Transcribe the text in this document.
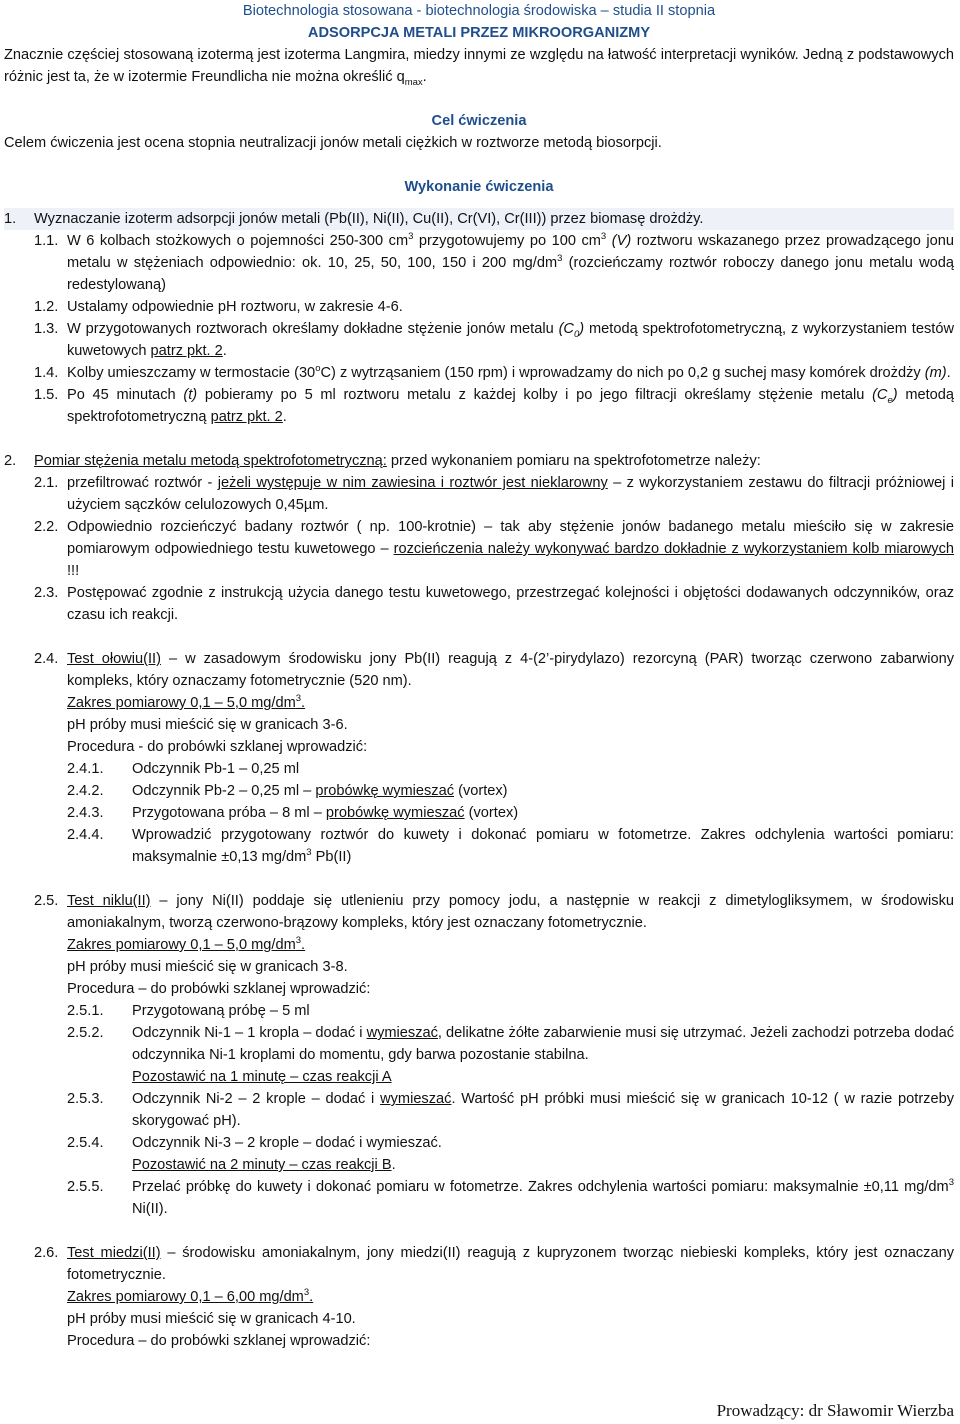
Biotechnologia stosowana - biotechnologia środowiska – studia II stopnia

ADSORPCJA METALI PRZEZ MIKROORGANIZMY

Znacznie częściej stosowaną izotermą jest izoterma Langmira, miedzy innymi ze względu na łatwość interpretacji wyników. Jedną z podstawowych różnic jest ta, że w izotermie Freundlicha nie można określić $q_{max}$.

Cel ćwiczenia

Celem ćwiczenia jest ocena stopnia neutralizacji jonów metali ciężkich w roztworze metodą biosorpcji.

Wykonanie ćwiczenia

1.	Wyznaczanie izoterm adsorpcji jonów metali (Pb(II), Ni(II), Cu(II), Cr(VI), Cr(III)) przez biomasę drożdży.
1.1. W 6 kolbach stożkowych o pojemności 250-300 $cm^3$ przygotowujemy po 100 $cm^3$ (V) roztworu wskazanego przez prowadzącego jonu metalu w stężeniach odpowiednio: ok. 10, 25, 50, 100, 150 i 200 $mg/dm^3$ (rozcieńczamy roztwór roboczy danego jonu metalu wodą redestylowaną)
1.2. Ustalamy odpowiednie pH roztworu, w zakresie 4-6.
1.3. W przygotowanych roztworach określamy dokładne stężenie jonów metalu $(C_0)$ metodą spektrofotometryczną, z wykorzystaniem testów kuwetowych patrz pkt. 2.
1.4. Kolby umieszczamy w termostacie (30$^o$C) z wytrząsaniem (150 rpm) i wprowadzamy do nich po 0,2 g suchej masy komórek drożdży (m).
1.5. Po 45 minutach (t) pobieramy po 5 ml roztworu metalu z każdej kolby i po jego filtracji określamy stężenie metalu $(C_e)$ metodą spektrofotometryczną patrz pkt. 2.
2.	Pomiar stężenia metalu metodą spektrofotometryczną: przed wykonaniem pomiaru na spektrofotometrze należy:
2.1. przefiltrować roztwór - jeżeli występuje w nim zawiesina i roztwór jest nieklarowny – z wykorzystaniem zestawu do filtracji próżniowej i użyciem sączków celulozowych 0,45µm.
2.2. Odpowiednio rozcieńczyć badany roztwór ( np. 100-krotnie) – tak aby stężenie jonów badanego metalu mieściło się w zakresie pomiarowym odpowiedniego testu kuwetowego – rozcieńczenia należy wykonywać bardzo dokładnie z wykorzystaniem kolb miarowych !!!
2.3. Postępować zgodnie z instrukcją użycia danego testu kuwetowego, przestrzegać kolejności i objętości dodawanych odczynników, oraz czasu ich reakcji.
2.4. Test ołowiu(II) – w zasadowym środowisku jony Pb(II) reagują z 4-(2’-pirydylazo) rezorcyną (PAR) tworząc czerwono zabarwiony kompleks, który oznaczamy fotometrycznie (520 nm).

Zakres pomiarowy 0,1 – 5,0 $mg/dm^3$.

pH próby musi mieścić się w granicach 3-6.

Procedura - do probówki szklanej wprowadzić:

2.4.1.	Odczynnik Pb-1 – 0,25 ml
2.4.2.	Odczynnik Pb-2 – 0,25 ml – probówkę wymieszać (vortex)
2.4.3.	Przygotowana próba – 8 ml – probówkę wymieszać (vortex)
2.4.4.	Wprowadzić przygotowany roztwór do kuwety i dokonać pomiaru w fotometrze. Zakres odchylenia wartości pomiaru: maksymalnie ±0,13 $mg/dm^3$ Pb(II)
2.5. Test niklu(II) – jony Ni(II) poddaje się utlenieniu przy pomocy jodu, a następnie w reakcji z dimetylogliksymem, w środowisku amoniakalnym, tworzą czerwono-brązowy kompleks, który jest oznaczany fotometrycznie.

Zakres pomiarowy 0,1 – 5,0 $mg/dm^3$.

pH próby musi mieścić się w granicach 3-8.

Procedura – do probówki szklanej wprowadzić:

2.5.1.	Przygotowaną próbę – 5 ml
2.5.2.	Odczynnik Ni-1 – 1 kropla – dodać i wymieszać, delikatne żółte zabarwienie musi się utrzymać. Jeżeli zachodzi potrzeba dodać odczynnika Ni-1 kroplami do momentu, gdy barwa pozostanie stabilna.
Pozostawić na 1 minutę – czas reakcji A
2.5.3.	Odczynnik Ni-2 – 2 krople – dodać i wymieszać. Wartość pH próbki musi mieścić się w granicach 10-12 ( w razie potrzeby skorygować pH).
2.5.4.	Odczynnik Ni-3 – 2 krople – dodać i wymieszać.
Pozostawić na 2 minuty – czas reakcji B.
2.5.5.	Przelać próbkę do kuwety i dokonać pomiaru w fotometrze. Zakres odchylenia wartości pomiaru: maksymalnie ±0,11 $mg/dm^3$ Ni(II).
2.6. Test miedzi(II) – środowisku amoniakalnym, jony miedzi(II) reagują z kupryzonem tworząc niebieski kompleks, który jest oznaczany fotometrycznie.

Zakres pomiarowy 0,1 – 6,00 $mg/dm^3$.

pH próby musi mieścić się w granicach 4-10.

Procedura – do probówki szklanej wprowadzić:

Prowadzący: dr Sławomir Wierzba
